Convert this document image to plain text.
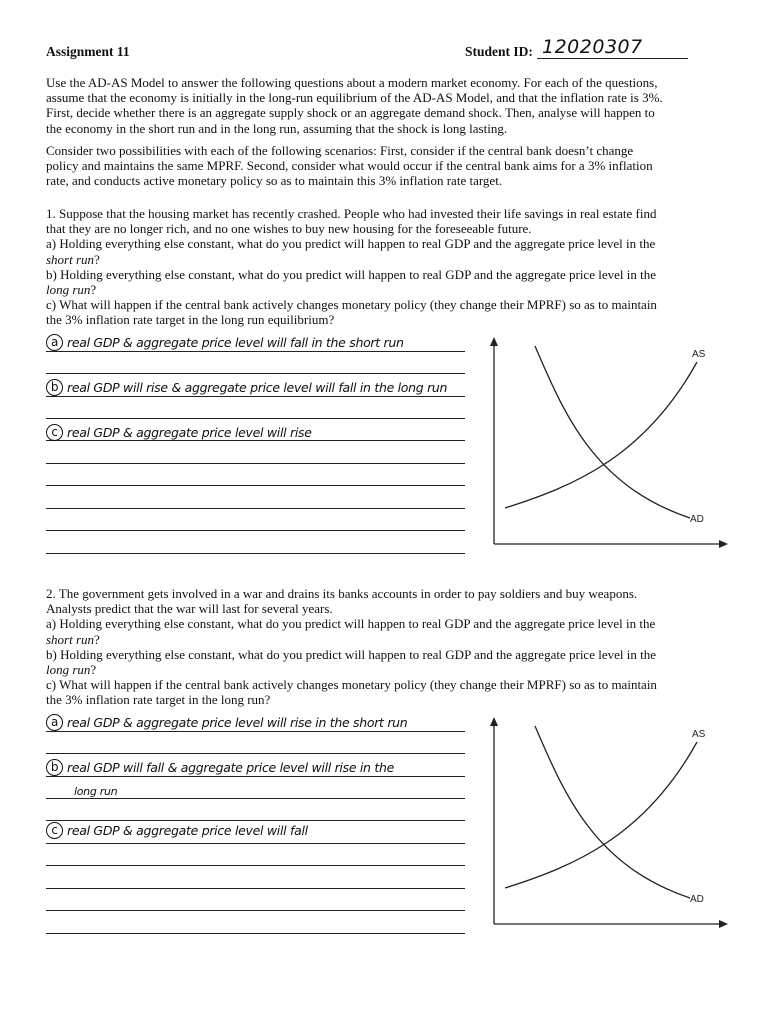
Assignment 11	Student ID: 12020307

Use the AD-AS Model to answer the following questions about a modern market economy. For each of the questions,
assume that the economy is initially in the long-run equilibrium of the AD-AS Model, and that the inflation rate is 3%.
First, decide whether there is an aggregate supply shock or an aggregate demand shock. Then, analyse will happen to
the economy in the short run and in the long run, assuming that the shock is long lasting.

Consider two possibilities with each of the following scenarios: First, consider if the central bank doesn’t change
policy and maintains the same MPRF. Second, consider what would occur if the central bank aims for a 3% inflation
rate, and conducts active monetary policy so as to maintain this 3% inflation rate target.

1. Suppose that the housing market has recently crashed. People who had invested their life savings in real estate find
that they are no longer rich, and no one wishes to buy new housing for the foreseeable future.
a) Holding everything else constant, what do you predict will happen to real GDP and the aggregate price level in the
short run?
b) Holding everything else constant, what do you predict will happen to real GDP and the aggregate price level in the
long run?
c) What will happen if the central bank actively changes monetary policy (they change their MPRF) so as to maintain
the 3% inflation rate target in the long run equilibrium?
a real GDP & aggregate price level will fall in the short run
b real GDP will rise & aggregate price level will fall in the long run
c real GDP & aggregate price level will rise
AS
AD
2. The government gets involved in a war and drains its banks accounts in order to pay soldiers and buy weapons.
Analysts predict that the war will last for several years.
a) Holding everything else constant, what do you predict will happen to real GDP and the aggregate price level in the
short run?
b) Holding everything else constant, what do you predict will happen to real GDP and the aggregate price level in the
long run?
c) What will happen if the central bank actively changes monetary policy (they change their MPRF) so as to maintain
the 3% inflation rate target in the long run?
a real GDP & aggregate price level will rise in the short run
b real GDP will fall & aggregate price level will rise in the
long run
c real GDP & aggregate price level will fall
AS
AD
